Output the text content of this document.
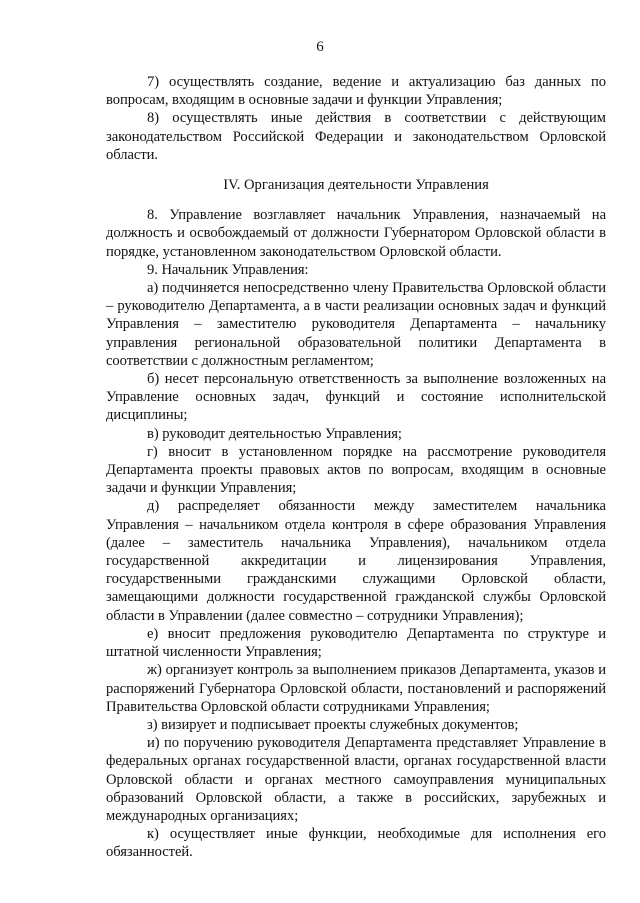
6

7) осуществлять создание, ведение и актуализацию баз данных по вопросам, входящим в основные задачи и функции Управления;

8) осуществлять иные действия в соответствии с действующим законодательством Российской Федерации и законодательством Орловской области.

IV. Организация деятельности Управления

8. Управление возглавляет начальник Управления, назначаемый на должность и освобождаемый от должности Губернатором Орловской области в порядке, установленном законодательством Орловской области.

9. Начальник Управления:

а) подчиняется непосредственно члену Правительства Орловской области – руководителю Департамента, а в части реализации основных задач и функций Управления – заместителю руководителя Департамента – начальнику управления региональной образовательной политики Департамента в соответствии с должностным регламентом;

б) несет персональную ответственность за выполнение возложенных на Управление основных задач, функций и состояние исполнительской дисциплины;

в) руководит деятельностью Управления;

г) вносит в установленном порядке на рассмотрение руководителя Департамента проекты правовых актов по вопросам, входящим в основные задачи и функции Управления;

д) распределяет обязанности между заместителем начальника Управления – начальником отдела контроля в сфере образования Управления (далее – заместитель начальника Управления), начальником отдела государственной аккредитации и лицензирования Управления, государственными гражданскими служащими Орловской области, замещающими должности государственной гражданской службы Орловской области в Управлении (далее совместно – сотрудники Управления);

е) вносит предложения руководителю Департамента по структуре и штатной численности Управления;

ж) организует контроль за выполнением приказов Департамента, указов и распоряжений Губернатора Орловской области, постановлений и распоряжений Правительства Орловской области сотрудниками Управления;

з) визирует и подписывает проекты служебных документов;

и) по поручению руководителя Департамента представляет Управление в федеральных органах государственной власти, органах государственной власти Орловской области и органах местного самоуправления муниципальных образований Орловской области, а также в российских, зарубежных и международных организациях;

к) осуществляет иные функции, необходимые для исполнения его обязанностей.
